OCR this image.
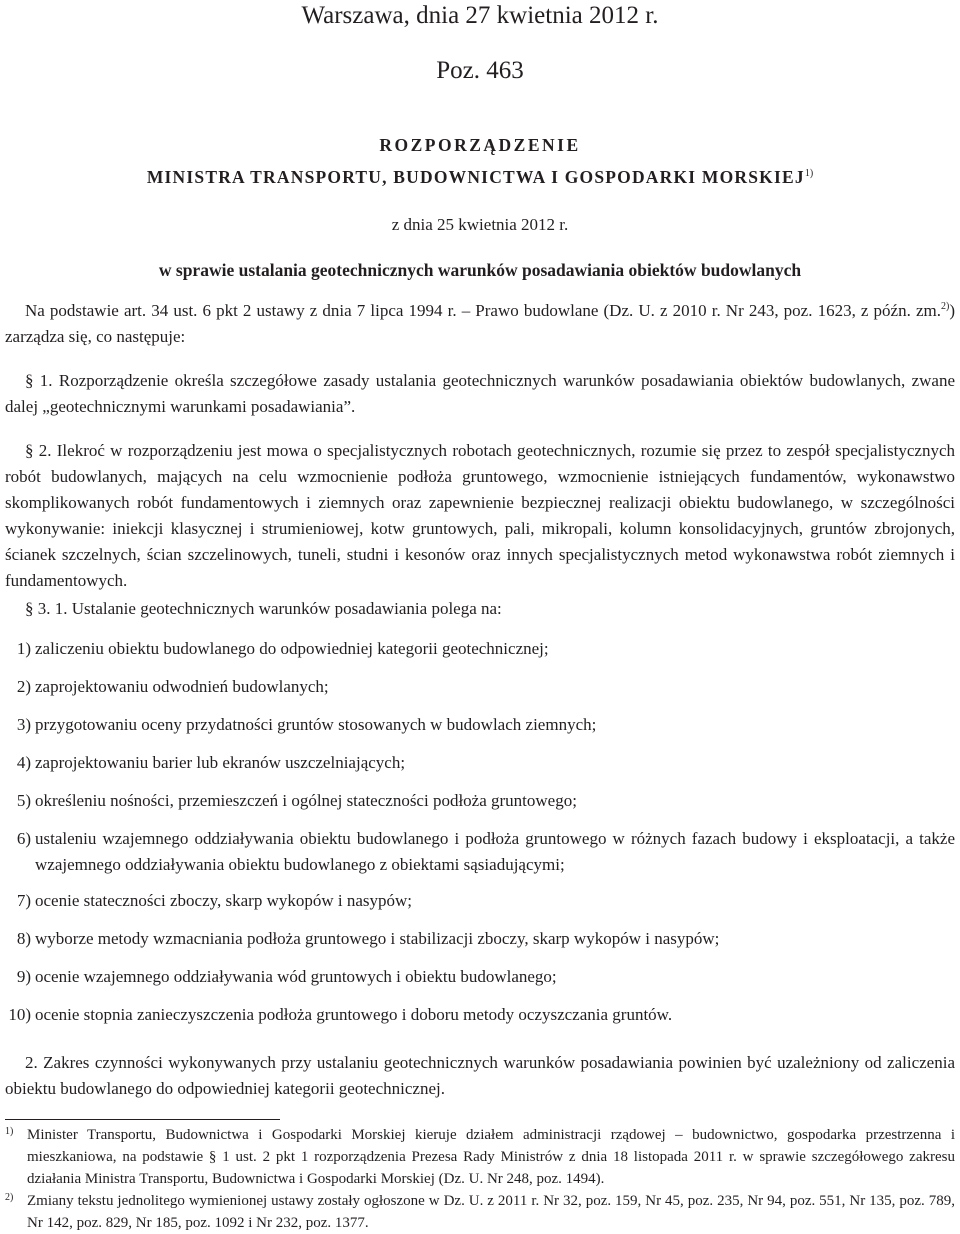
Warszawa, dnia 27 kwietnia 2012 r.
Poz. 463
ROZPORZĄDZENIE
MINISTRA TRANSPORTU, BUDOWNICTWA I GOSPODARKI MORSKIEJ$^{1)}$
z dnia 25 kwietnia 2012 r.
w sprawie ustalania geotechnicznych warunków posadawiania obiektów budowlanych

Na podstawie art. 34 ust. 6 pkt 2 ustawy z dnia 7 lipca 1994 r. – Prawo budowlane (Dz. U. z 2010 r. Nr 243, poz. 1623, z późn. zm.$^{2)}$) zarządza się, co następuje:

§ 1. Rozporządzenie określa szczegółowe zasady ustalania geotechnicznych warunków posadawiania obiektów budowlanych, zwane dalej „geotechnicznymi warunkami posadawiania”.

§ 2. Ilekroć w rozporządzeniu jest mowa o specjalistycznych robotach geotechnicznych, rozumie się przez to zespół specjalistycznych robót budowlanych, mających na celu wzmocnienie podłoża gruntowego, wzmocnienie istniejących fundamentów, wykonawstwo skomplikowanych robót fundamentowych i ziemnych oraz zapewnienie bezpiecznej realizacji obiektu budowlanego, w szczególności wykonywanie: iniekcji klasycznej i strumieniowej, kotw gruntowych, pali, mikropali, kolumn konsolidacyjnych, gruntów zbrojonych, ścianek szczelnych, ścian szczelinowych, tuneli, studni i kesonów oraz innych specjalistycznych metod wykonawstwa robót ziemnych i fundamentowych.

§ 3. 1. Ustalanie geotechnicznych warunków posadawiania polega na:

1) zaliczeniu obiektu budowlanego do odpowiedniej kategorii geotechnicznej;
2) zaprojektowaniu odwodnień budowlanych;
3) przygotowaniu oceny przydatności gruntów stosowanych w budowlach ziemnych;
4) zaprojektowaniu barier lub ekranów uszczelniających;
5) określeniu nośności, przemieszczeń i ogólnej stateczności podłoża gruntowego;
6) ustaleniu wzajemnego oddziaływania obiektu budowlanego i podłoża gruntowego w różnych fazach budowy i eksploatacji, a także wzajemnego oddziaływania obiektu budowlanego z obiektami sąsiadującymi;
7) ocenie stateczności zboczy, skarp wykopów i nasypów;
8) wyborze metody wzmacniania podłoża gruntowego i stabilizacji zboczy, skarp wykopów i nasypów;
9) ocenie wzajemnego oddziaływania wód gruntowych i obiektu budowlanego;
10) ocenie stopnia zanieczyszczenia podłoża gruntowego i doboru metody oczyszczania gruntów.

2. Zakres czynności wykonywanych przy ustalaniu geotechnicznych warunków posadawiania powinien być uzależniony od zaliczenia obiektu budowlanego do odpowiedniej kategorii geotechnicznej.

1) Minister Transportu, Budownictwa i Gospodarki Morskiej kieruje działem administracji rządowej – budownictwo, gospodarka przestrzenna i mieszkaniowa, na podstawie § 1 ust. 2 pkt 1 rozporządzenia Prezesa Rady Ministrów z dnia 18 listopada 2011 r. w sprawie szczegółowego zakresu działania Ministra Transportu, Budownictwa i Gospodarki Morskiej (Dz. U. Nr 248, poz. 1494).
2) Zmiany tekstu jednolitego wymienionej ustawy zostały ogłoszone w Dz. U. z 2011 r. Nr 32, poz. 159, Nr 45, poz. 235, Nr 94, poz. 551, Nr 135, poz. 789, Nr 142, poz. 829, Nr 185, poz. 1092 i Nr 232, poz. 1377.
